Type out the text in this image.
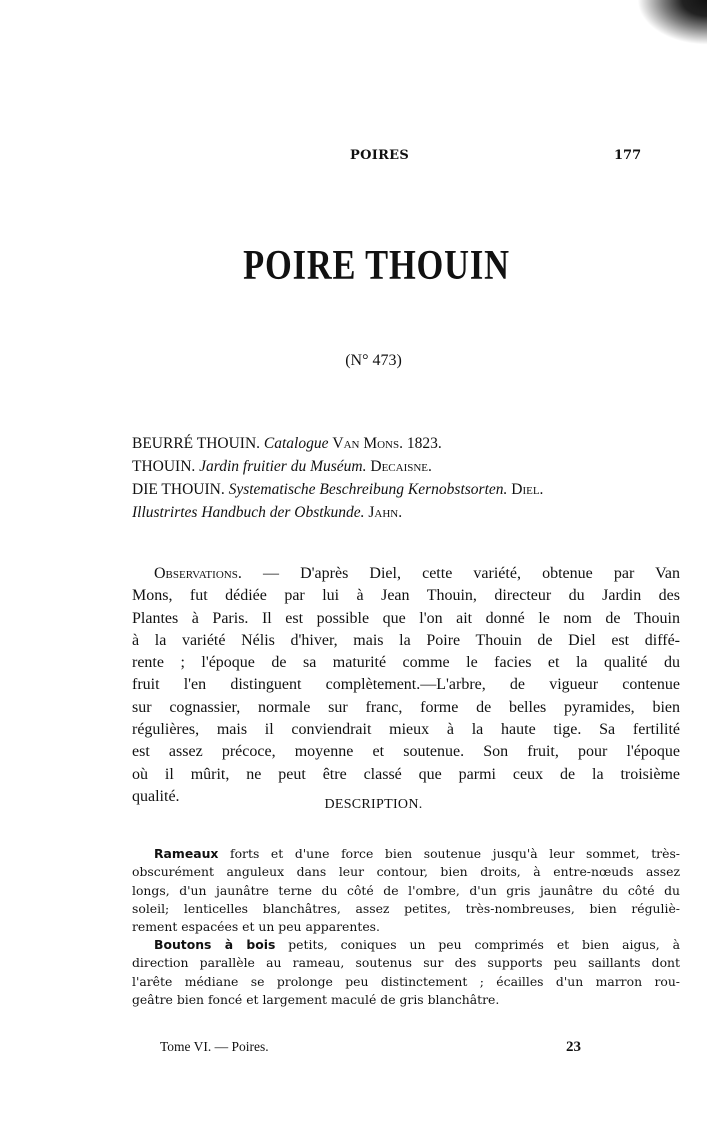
POIRES	177
POIRE THOUIN
(N° 473)
BEURRÉ THOUIN. Catalogue Van Mons. 1823.
THOUIN. Jardin fruitier du Muséum. Decaisne.
DIE THOUIN. Systematische Beschreibung Kernobstsorten. Diel.
Illustrirtes Handbuch der Obstkunde. Jahn.
Observations. — D'après Diel, cette variété, obtenue par Van
Mons, fut dédiée par lui à Jean Thouin, directeur du Jardin des
Plantes à Paris. Il est possible que l'on ait donné le nom de Thouin
à la variété Nélis d'hiver, mais la Poire Thouin de Diel est diffé-
rente ; l'époque de sa maturité comme le facies et la qualité du
fruit l'en distinguent complètement.—L'arbre, de vigueur contenue
sur cognassier, normale sur franc, forme de belles pyramides, bien
régulières, mais il conviendrait mieux à la haute tige. Sa fertilité
est assez précoce, moyenne et soutenue. Son fruit, pour l'époque
où il mûrit, ne peut être classé que parmi ceux de la troisième
qualité.	DESCRIPTION.
Rameaux forts et d'une force bien soutenue jusqu'à leur sommet, très-
obscurément anguleux dans leur contour, bien droits, à entre-nœuds assez
longs, d'un jaunâtre terne du côté de l'ombre, d'un gris jaunâtre du côté du
soleil; lenticelles blanchâtres, assez petites, très-nombreuses, bien réguliè-
rement espacées et un peu apparentes.
Boutons à bois petits, coniques un peu comprimés et bien aigus, à
direction parallèle au rameau, soutenus sur des supports peu saillants dont
l'arête médiane se prolonge peu distinctement ; écailles d'un marron rou-
geâtre bien foncé et largement maculé de gris blanchâtre.
Tome VI. — Poires.	23
